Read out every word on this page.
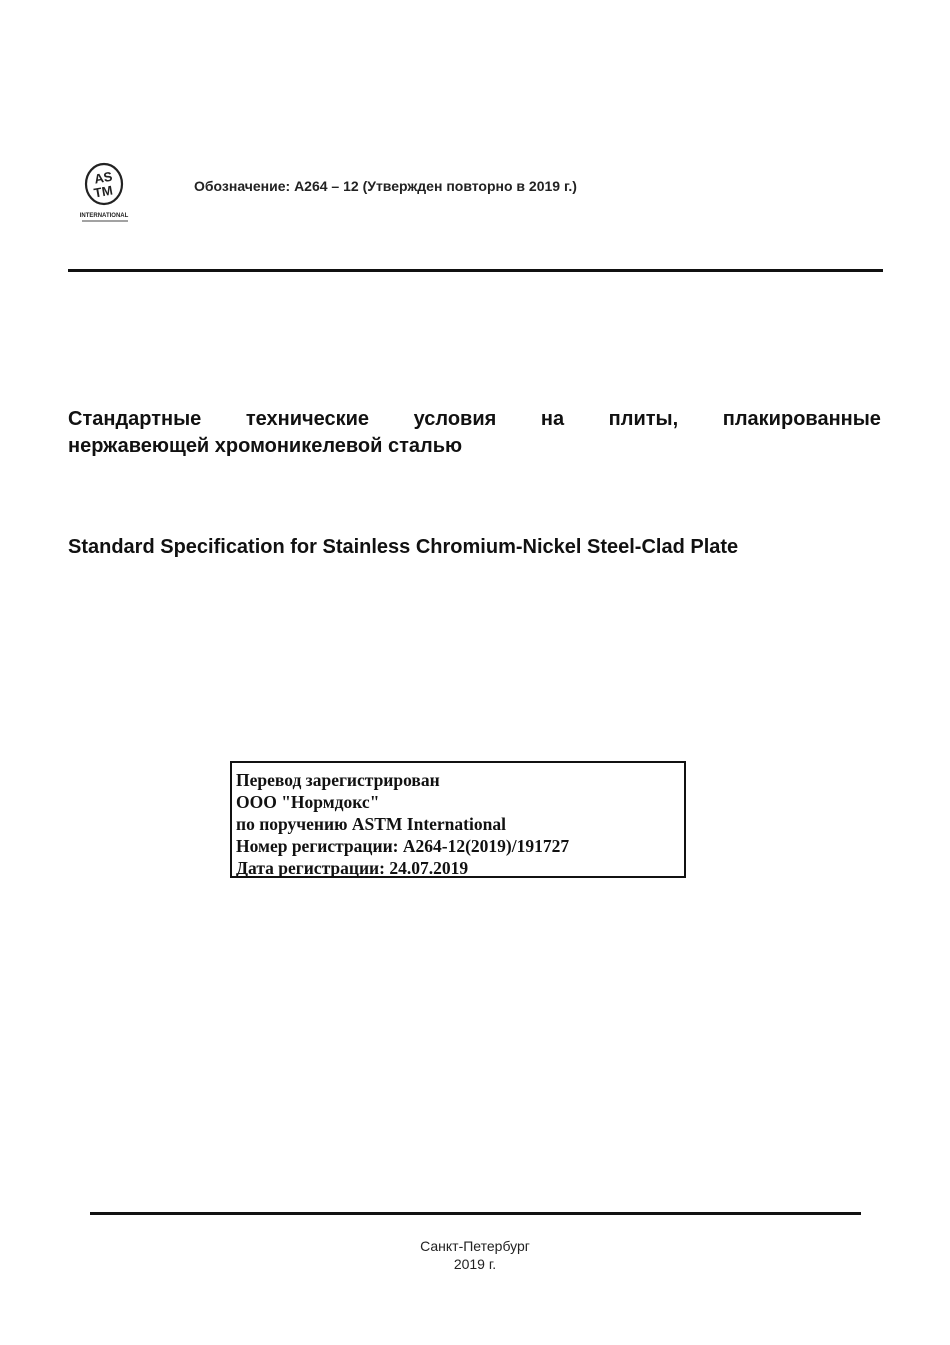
AS
TM
INTERNATIONAL
Обозначение: A264 – 12 (Утвержден повторно в 2019 г.)
Стандартные технические условия на плиты, плакированные
нержавеющей хромоникелевой сталью
Standard Specification for Stainless Chromium-Nickel Steel-Clad Plate
Перевод зарегистрирован
ООО "Нормдокс"
по поручению ASTM International
Номер регистрации: A264-12(2019)/191727
Дата регистрации: 24.07.2019
Санкт-Петербург
2019 г.
